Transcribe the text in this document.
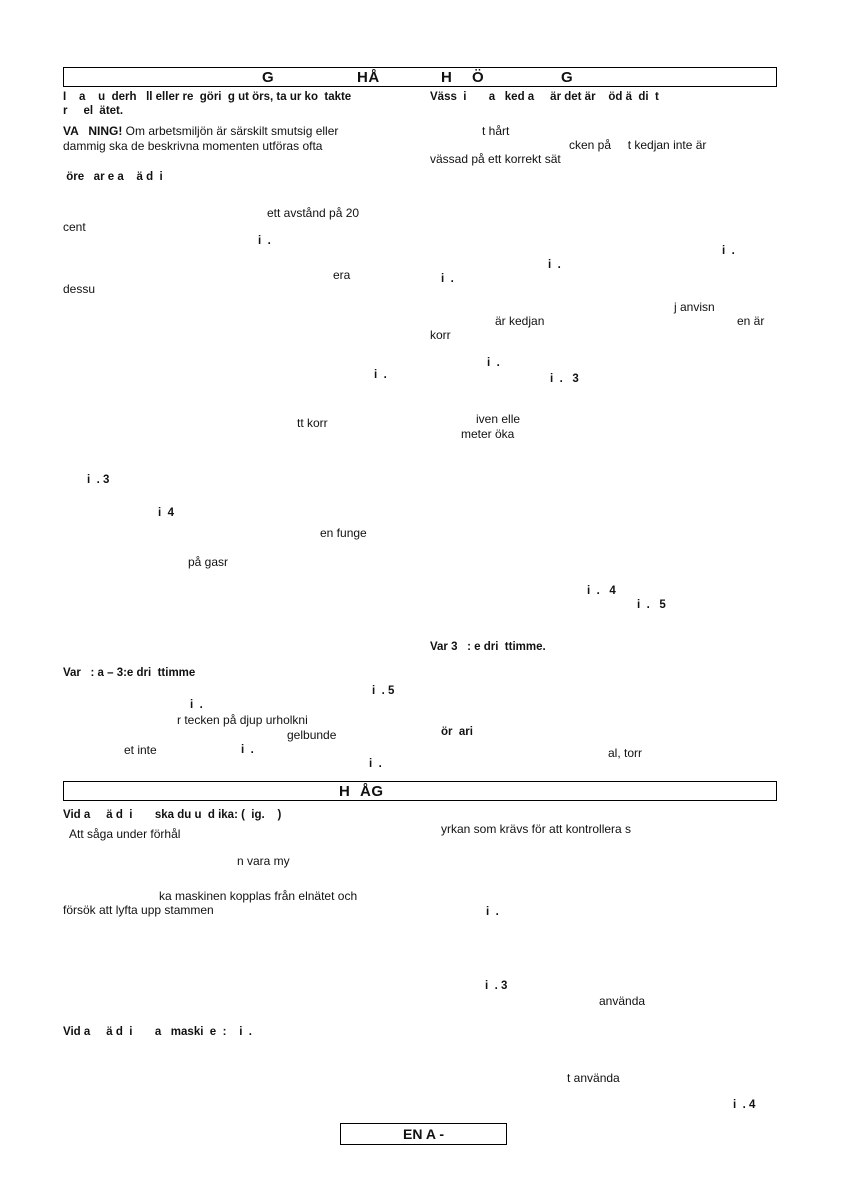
G	HÅ	H Ö	G
I    a    u  derh   ll eller re  göri  g ut örs, ta ur ko  takte
r     el  ätet.
VA   NING! Om arbetsmiljön är särskilt smutsig eller
dammig ska de beskrivna momenten utföras ofta
öre   ar e a    ä d  i
ett avstånd på 20
cent
i  .
era
dessu
i  .
tt korr
i  . 3
i  4
en funge
på gasr
Var   : a – 3:e dri  ttimme
i  . 5
i  .
r tecken på djup urholkni
gelbunde
et inte	i  .
i  .
Väss  i       a   ked a     är det är    öd ä  di  t
t hårt
cken på     t kedjan inte är
vässad på ett korrekt sät
i  .
i  .
i  .
j anvisn
är kedjan	en är
korr
i  .
i  .   3
iven elle
meter öka
i  .   4
i  .   5
Var 3   : e dri  ttimme.
ör  ari
al, torr
H ÅG
Vid a     ä d  i       ska du u  d ika: (  ig.    )
Att såga under förhål
n vara my
ka maskinen kopplas från elnätet och
försök att lyfta upp stammen
Vid a     ä d  i       a   maski  e  :    i  .
yrkan som krävs för att kontrollera s
i  .
i  . 3
använda
t använda
i  . 4
EN A -
